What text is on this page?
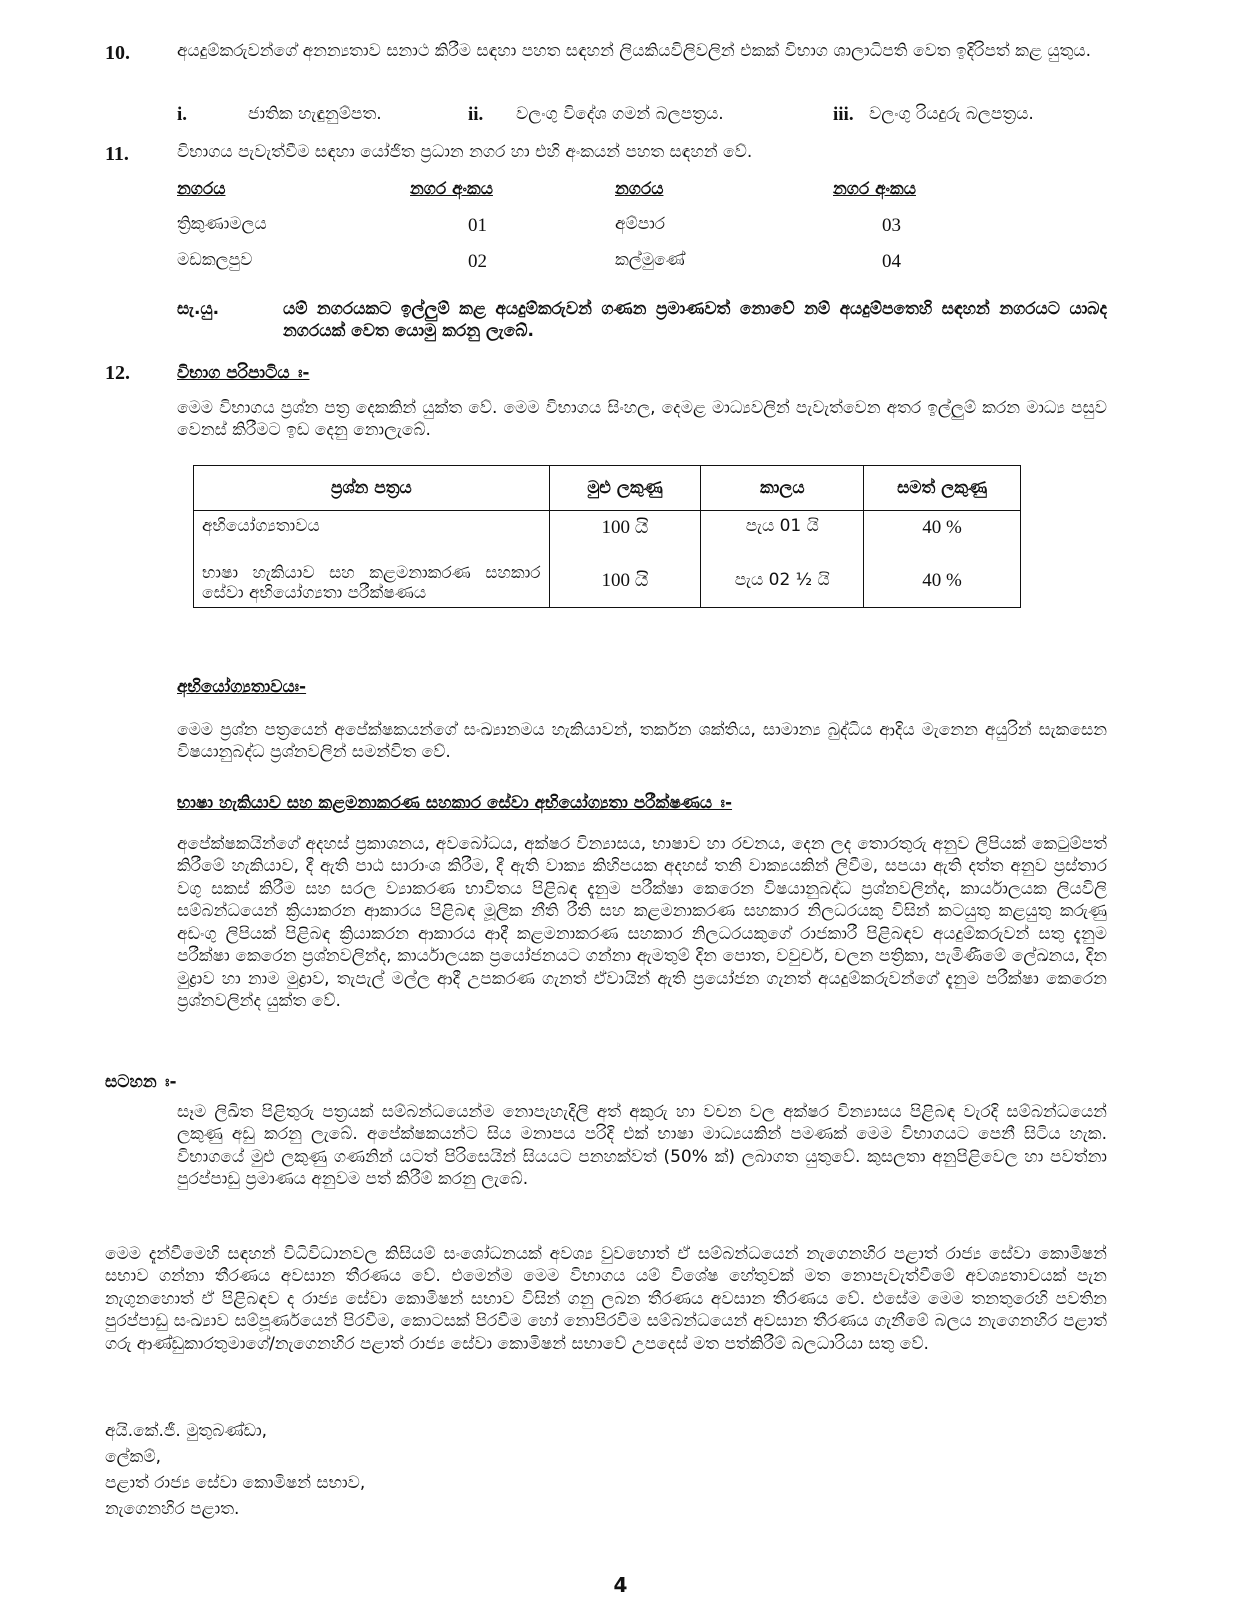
10.	අයදුම්කරුවන්ගේ අනන්‍යතාව සනාථ කිරීම සඳහා පහත සඳහන් ලියකියවිලිවලින් එකක් විභාග ශාලාධිපති වෙත ඉදිරිපත් කළ යුතුය.
i.	ජාතික හැඳුනුම්පත.	ii. වලංගු විදේශ ගමන් බලපත්‍රය.	iii. වලංගු රියදුරු බලපත්‍රය.
11.	විභාගය පැවැත්වීම සඳහා යෝජිත ප්‍රධාන නගර හා එහි අංකයන් පහත සඳහන් වේ.
නගරය	නගර අංකය	නගරය	නගර අංකය
ත්‍රිකුණාමලය	01	අම්පාර	03
මඩකලපුව	02	කල්මුණේ	04
සැ.යු.	යම් නගරයකට ඉල්ලුම් කළ අයදුම්කරුවන් ගණන ප්‍රමාණවත් නොවේ නම් අයදුම්පතෙහි සඳහන් නගරයට යාබද නගරයක් වෙත යොමු කරනු ලැබේ.
12.	විභාග පරිපාටිය ඃ-
මෙම විභාගය ප්‍රශ්න පත්‍ර දෙකකින් යුක්ත වේ. මෙම විභාගය සිංහල, දෙමළ මාධ්‍යවලින් පැවැත්වෙන අතර ඉල්ලුම් කරන මාධ්‍ය පසුව වෙනස් කිරීමට ඉඩ දෙනු නොලැබේ.
ප්‍රශ්න පත්‍රය	මුළු ලකුණු	කාලය	සමත් ලකුණු
අභියෝග්‍යතාවය	100 යි	පැය 01 යි	40 %
භාෂා හැකියාව සහ කළමනාකරණ සහකාර සේවා අභියෝග්‍යතා පරීක්ෂණය	100 යි	පැය 02 ½ යි	40 %
අභියෝග්‍යතාවයඃ-
මෙම ප්‍රශ්න පත්‍රයෙන් අපේක්ෂකයන්ගේ සංඛ්‍යානමය හැකියාවන්, තර්කන ශක්තිය, සාමාන්‍ය බුද්ධිය ආදිය මැනෙන අයුරින් සැකසෙන විෂයානුබද්ධ ප්‍රශ්නවලින් සමන්විත වේ.
භාෂා හැකියාව සහ කළමනාකරණ සහකාර සේවා අභියෝග්‍යතා පරීක්ෂණය ඃ-
අපේක්ෂකයින්ගේ අදහස් ප්‍රකාශනය, අවබෝධය, අක්ෂර වින්‍යාසය, භාෂාව හා රචනය, දෙන ලද තොරතුරු අනුව ලිපියක් කෙටුම්පත් කිරීමේ හැකියාව, දී ඇති පාඨ සාරාංශ කිරීම, දී ඇති වාක්‍ය කිහිපයක අදහස් තනි වාක්‍යයකින් ලිවීම, සපයා ඇති දත්ත අනුව ප්‍රස්තාර වගු සකස් කිරීම සහ සරල ව්‍යාකරණ භාවිතය පිළිබඳ දැනුම පරීක්ෂා කෙරෙන විෂයානුබද්ධ ප්‍රශ්නවලින්ද, කාර්යාලයක ලියවිලි සම්බන්ධයෙන් ක්‍රියාකරන ආකාරය පිළිබඳ මූලික නීති රීති සහ කළමනාකරණ සහකාර නිලධරයකු විසින් කටයුතු කළයුතු කරුණු අඩංගු ලිපියක් පිළිබඳ ක්‍රියාකරන ආකාරය ආදී කළමනාකරණ සහකාර නිලධරයකුගේ රාජකාරී පිළිබඳව අයදුම්කරුවන් සතු දැනුම පරීක්ෂා කෙරෙන ප්‍රශ්නවලින්ද, කාර්යාලයක ප්‍රයෝජනයට ගන්නා ඇමතුම් දින පොත, වවුචර්, චලන පත්‍රිකා, පැමිණීමේ ලේඛනය, දින මුද්‍රාව හා නාම මුද්‍රාව, තැපැල් මල්ල ආදී උපකරණ ගැනත් ඒවායින් ඇති ප්‍රයෝජන ගැනත් අයදුම්කරුවන්ගේ දැනුම පරීක්ෂා කෙරෙන ප්‍රශ්නවලින්ද යුක්ත වේ.
සටහන ඃ-
සෑම ලිඛිත පිළිතුරු පත්‍රයක් සම්බන්ධයෙන්ම නොපැහැදිලි අත් අකුරු හා වචන වල අක්ෂර වින්‍යාසය පිළිබඳ වැරදි සම්බන්ධයෙන් ලකුණු අඩු කරනු ලැබේ. අපේක්ෂකයන්ට සිය මනාපය පරිදි එක් භාෂා මාධ්‍යයකින් පමණක් මෙම විභාගයට පෙනී සිටිය හැක. විභාගයේ මුළු ලකුණු ගණනින් යටත් පිරිසෙයින් සියයට පනහක්වත් (50% ක්) ලබාගත යුතුවේ. කුසලතා අනුපිළිවෙල හා පවත්නා පුරප්පාඩු ප්‍රමාණය අනුවම පත් කිරීම් කරනු ලැබේ.
මෙම දැන්වීමෙහි සඳහන් විධිවිධානවල කිසියම් සංශෝධනයක් අවශ්‍ය වුවහොත් ඒ සම්බන්ධයෙන් නැගෙනහිර පළාත් රාජ්‍ය සේවා කොමිෂන් සභාව ගන්නා තීරණය අවසාන තීරණය වේ. එමෙන්ම මෙම විභාගය යම් විශේෂ හේතුවක් මත නොපැවැත්වීමේ අවශ්‍යතාවයක් පැන නැගුනහොත් ඒ පිළිබඳව ද රාජ්‍ය සේවා කොමිෂන් සභාව විසින් ගනු ලබන තීරණය අවසාන තීරණය වේ. එසේම මෙම තනතුරෙහි පවතින පුරප්පාඩු සංඛ්‍යාව සම්පූර්ණයෙන් පිරවීම, කොටසක් පිරවීම හෝ නොපිරවීම සම්බන්ධයෙන් අවසාන තීරණය ගැනීමේ බලය නැගෙනහිර පළාත් ගරු ආණ්ඩුකාරතුමාගේ/නැගෙනහිර පළාත් රාජ්‍ය සේවා කොමිෂන් සභාවේ උපදෙස් මත පත්කිරීම් බලධාරියා සතු වේ.
අයි.කේ.ජී. මුතුබණ්ඩා,
ලේකම්,
පළාත් රාජ්‍ය සේවා කොමිෂන් සභාව,
නැගෙනහිර පළාත.
4
